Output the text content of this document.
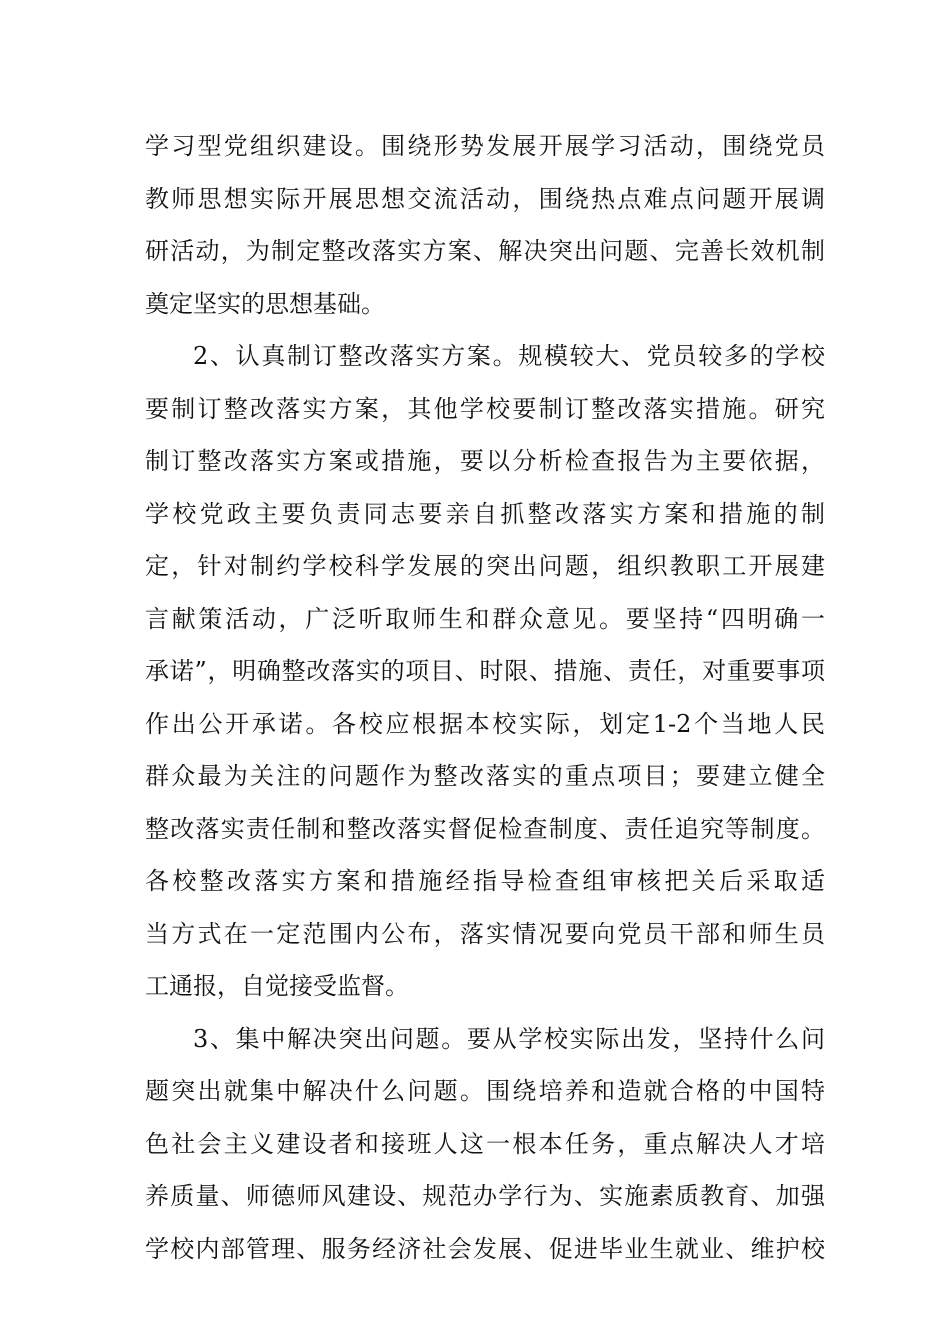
学习型党组织建设。围绕形势发展开展学习活动，围绕党员
教师思想实际开展思想交流活动，围绕热点难点问题开展调
研活动，为制定整改落实方案、解决突出问题、完善长效机制
奠定坚实的思想基础。
2、认真制订整改落实方案。规模较大、党员较多的学校
要制订整改落实方案，其他学校要制订整改落实措施。研究
制订整改落实方案或措施，要以分析检查报告为主要依据，
学校党政主要负责同志要亲自抓整改落实方案和措施的制
定，针对制约学校科学发展的突出问题，组织教职工开展建
言献策活动，广泛听取师生和群众意见。要坚持“四明确一
承诺”，明确整改落实的项目、时限、措施、责任，对重要事项
作出公开承诺。各校应根据本校实际，划定1-2个当地人民
群众最为关注的问题作为整改落实的重点项目；要建立健全
整改落实责任制和整改落实督促检查制度、责任追究等制度。
各校整改落实方案和措施经指导检查组审核把关后采取适
当方式在一定范围内公布，落实情况要向党员干部和师生员
工通报，自觉接受监督。
3、集中解决突出问题。要从学校实际出发，坚持什么问
题突出就集中解决什么问题。围绕培养和造就合格的中国特
色社会主义建设者和接班人这一根本任务，重点解决人才培
养质量、师德师风建设、规范办学行为、实施素质教育、加强
学校内部管理、服务经济社会发展、促进毕业生就业、维护校
